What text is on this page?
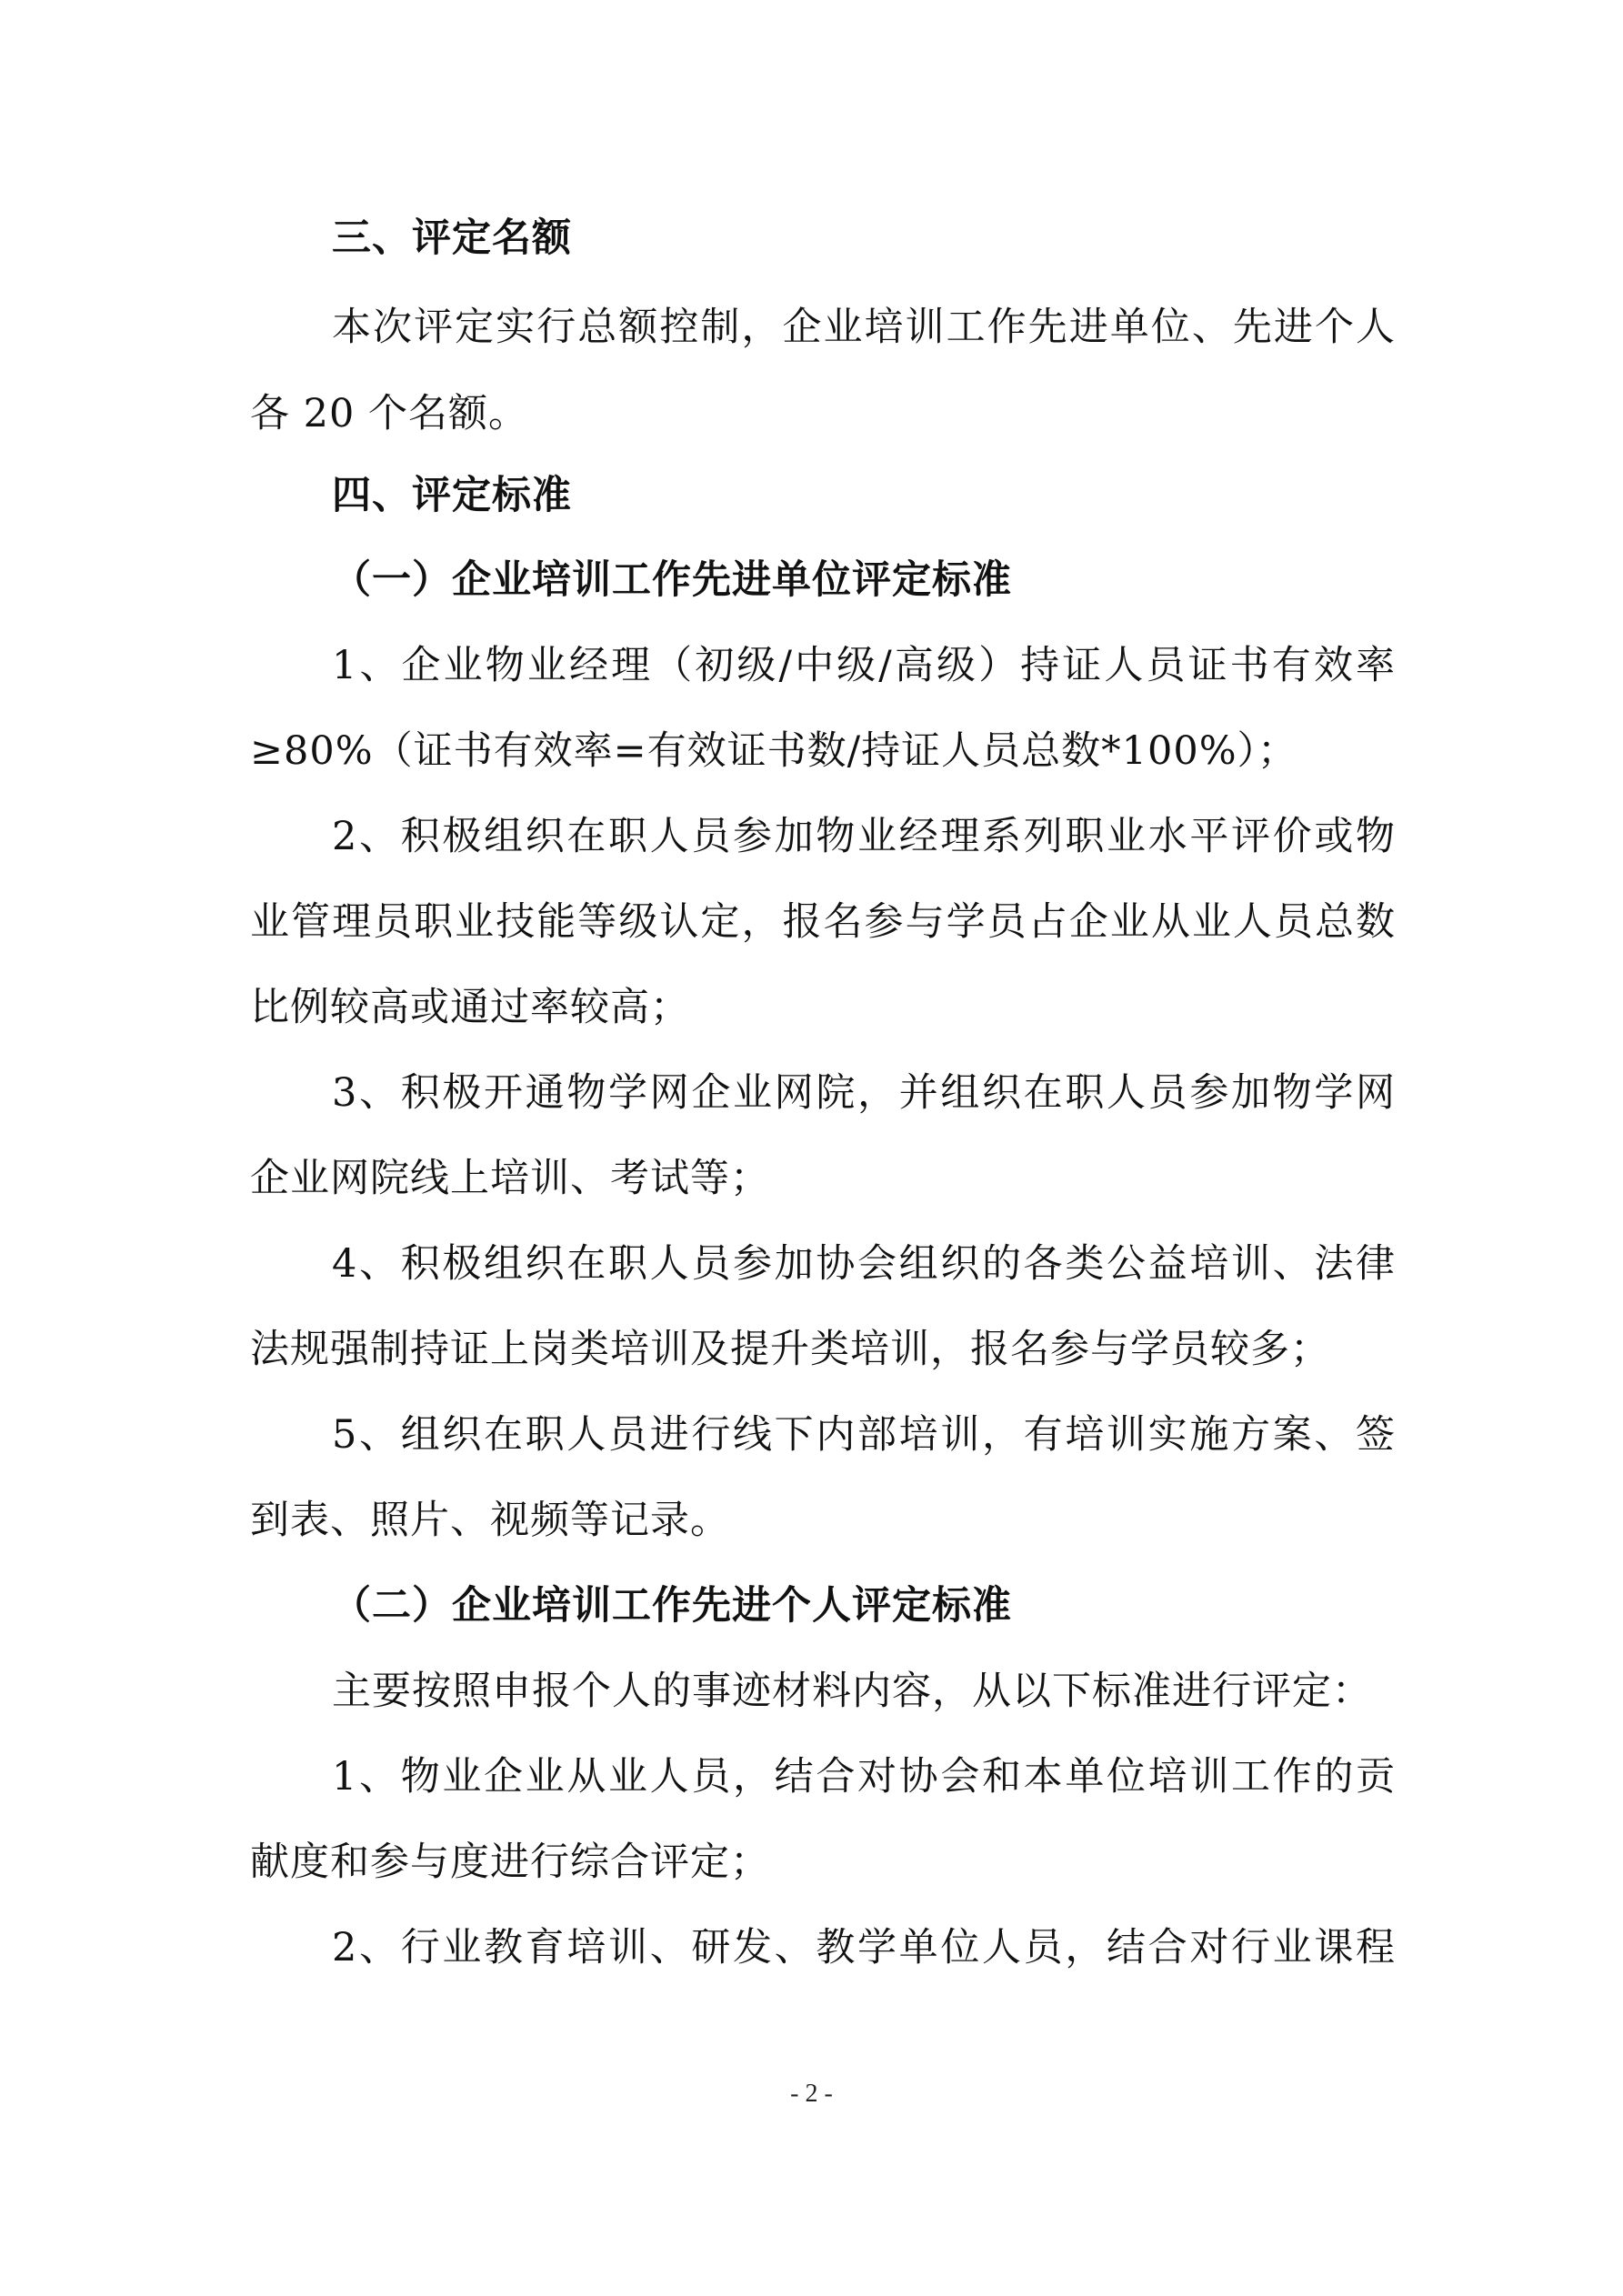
三、评定名额
本次评定实行总额控制，企业培训工作先进单位、先进个人
各 20 个名额。
四、评定标准
（一）企业培训工作先进单位评定标准
1、企业物业经理（初级/中级/高级）持证人员证书有效率
≥80%（证书有效率=有效证书数/持证人员总数*100%）；
2、积极组织在职人员参加物业经理系列职业水平评价或物
业管理员职业技能等级认定，报名参与学员占企业从业人员总数
比例较高或通过率较高；
3、积极开通物学网企业网院，并组织在职人员参加物学网
企业网院线上培训、考试等；
4、积极组织在职人员参加协会组织的各类公益培训、法律
法规强制持证上岗类培训及提升类培训，报名参与学员较多；
5、组织在职人员进行线下内部培训，有培训实施方案、签
到表、照片、视频等记录。
（二）企业培训工作先进个人评定标准
主要按照申报个人的事迹材料内容，从以下标准进行评定：
1、物业企业从业人员，结合对协会和本单位培训工作的贡
献度和参与度进行综合评定；
2、行业教育培训、研发、教学单位人员，结合对行业课程
- 2 -
